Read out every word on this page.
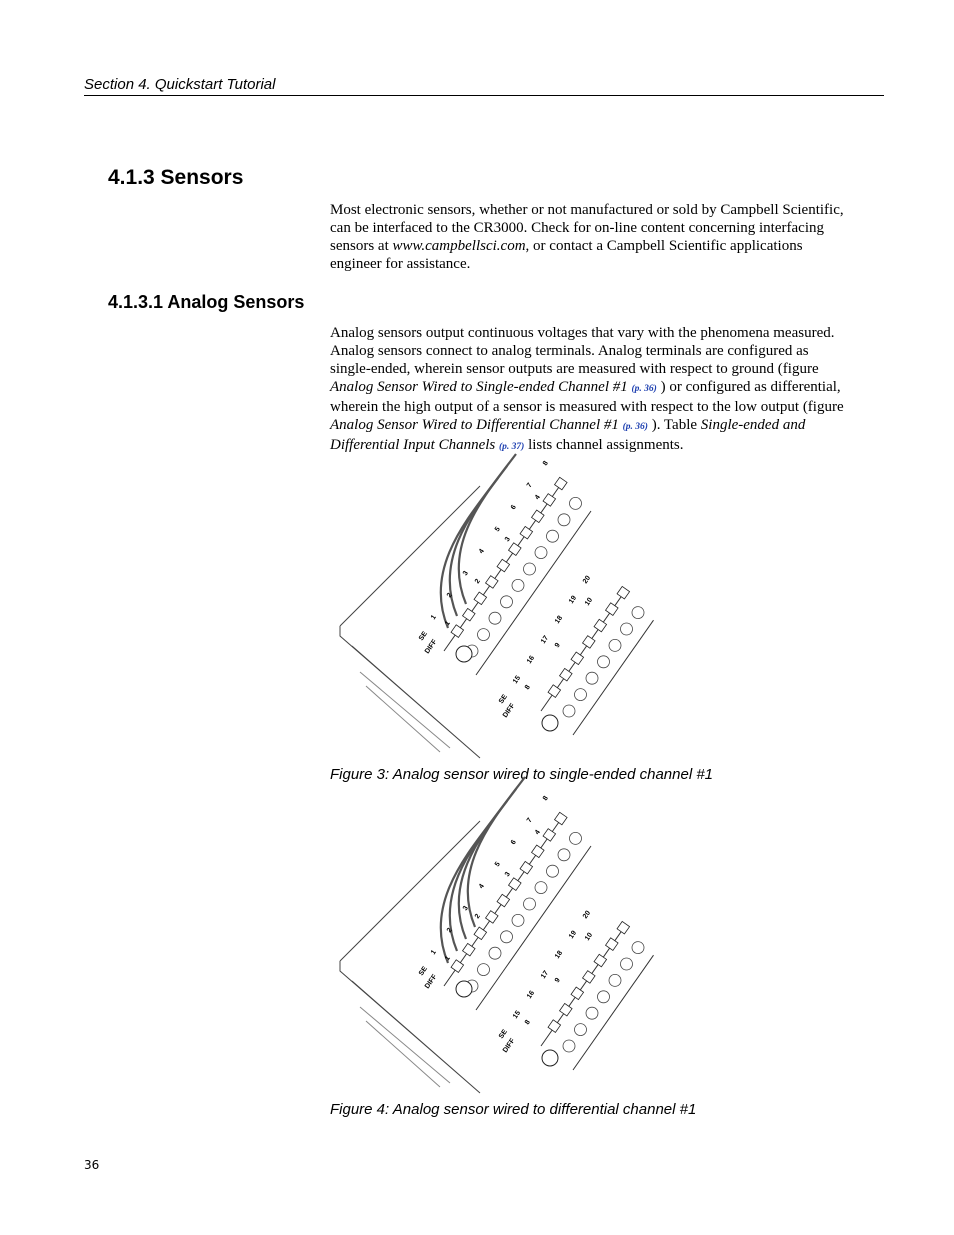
Section 4. Quickstart Tutorial
4.1.3 Sensors

Most electronic sensors, whether or not manufactured or sold by Campbell Scientific, can be interfaced to the CR3000. Check for on-line content concerning interfacing sensors at www.campbellsci.com, or contact a Campbell Scientific applications engineer for assistance.

4.1.3.1 Analog Sensors

Analog sensors output continuous voltages that vary with the phenomena measured. Analog sensors connect to analog terminals. Analog terminals are configured as single-ended, wherein sensor outputs are measured with respect to ground (figure Analog Sensor Wired to Single-ended Channel #1 (p. 36) ) or configured as differential, wherein the high output of a sensor is measured with respect to the low output (figure Analog Sensor Wired to Differential Channel #1 (p. 36) ). Table Single-ended and Differential Input Channels (p. 37) lists channel assignments.

SE
DIFF
1
2
3
4
5
6
7
8
1
2
3
4
SE
DIFF
15
16
17
18
19
20
8
9
10
Figure 3: Analog sensor wired to single-ended channel #1
SE
DIFF
1
2
3
4
5
6
7
8
1
2
3
4
SE
DIFF
15
16
17
18
19
20
8
9
10
Figure 4: Analog sensor wired to differential channel #1
36
